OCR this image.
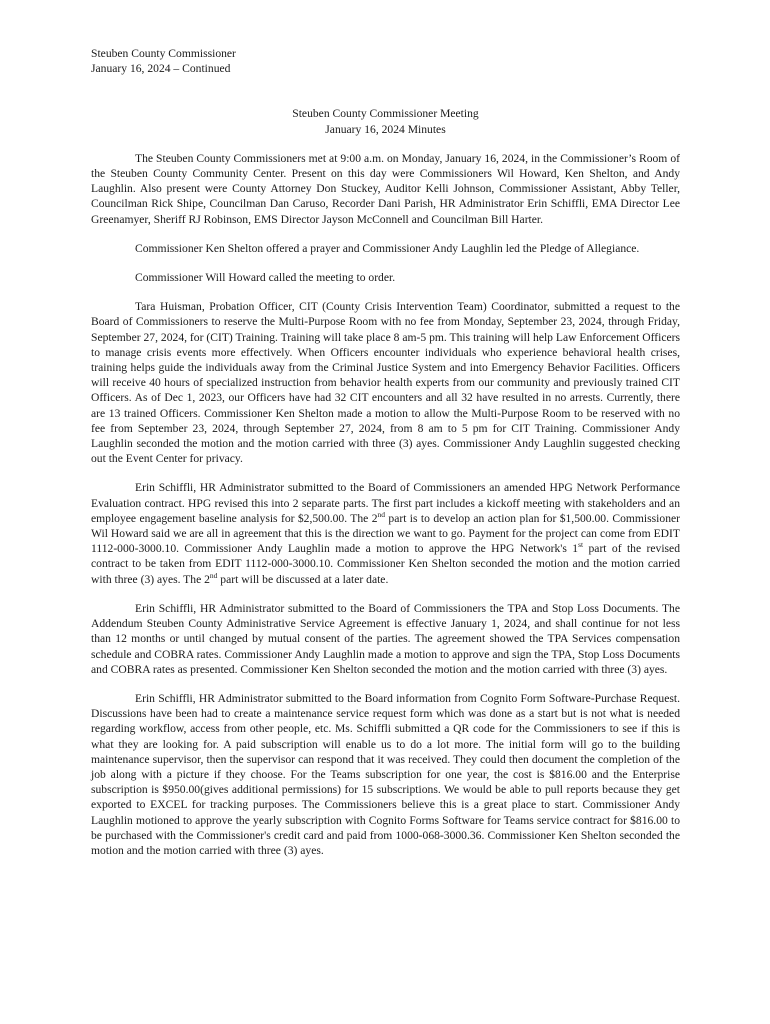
Steuben County Commissioner
January 16, 2024 – Continued
Steuben County Commissioner Meeting
January 16, 2024 Minutes

The Steuben County Commissioners met at 9:00 a.m. on Monday, January 16, 2024, in the Commissioner’s Room of the Steuben County Community Center. Present on this day were Commissioners Wil Howard, Ken Shelton, and Andy Laughlin. Also present were County Attorney Don Stuckey, Auditor Kelli Johnson, Commissioner Assistant, Abby Teller, Councilman Rick Shipe, Councilman Dan Caruso, Recorder Dani Parish, HR Administrator Erin Schiffli, EMA Director Lee Greenamyer, Sheriff RJ Robinson, EMS Director Jayson McConnell and Councilman Bill Harter.

Commissioner Ken Shelton offered a prayer and Commissioner Andy Laughlin led the Pledge of Allegiance.

Commissioner Will Howard called the meeting to order.

Tara Huisman, Probation Officer, CIT (County Crisis Intervention Team) Coordinator, submitted a request to the Board of Commissioners to reserve the Multi-Purpose Room with no fee from Monday, September 23, 2024, through Friday, September 27, 2024, for (CIT) Training. Training will take place 8 am-5 pm. This training will help Law Enforcement Officers to manage crisis events more effectively. When Officers encounter individuals who experience behavioral health crises, training helps guide the individuals away from the Criminal Justice System and into Emergency Behavior Facilities. Officers will receive 40 hours of specialized instruction from behavior health experts from our community and previously trained CIT Officers. As of Dec 1, 2023, our Officers have had 32 CIT encounters and all 32 have resulted in no arrests. Currently, there are 13 trained Officers. Commissioner Ken Shelton made a motion to allow the Multi-Purpose Room to be reserved with no fee from September 23, 2024, through September 27, 2024, from 8 am to 5 pm for CIT Training. Commissioner Andy Laughlin seconded the motion and the motion carried with three (3) ayes. Commissioner Andy Laughlin suggested checking out the Event Center for privacy.

Erin Schiffli, HR Administrator submitted to the Board of Commissioners an amended HPG Network Performance Evaluation contract. HPG revised this into 2 separate parts. The first part includes a kickoff meeting with stakeholders and an employee engagement baseline analysis for $2,500.00. The 2nd part is to develop an action plan for $1,500.00. Commissioner Wil Howard said we are all in agreement that this is the direction we want to go. Payment for the project can come from EDIT 1112-000-3000.10. Commissioner Andy Laughlin made a motion to approve the HPG Network's 1st part of the revised contract to be taken from EDIT 1112-000-3000.10. Commissioner Ken Shelton seconded the motion and the motion carried with three (3) ayes. The 2nd part will be discussed at a later date.

Erin Schiffli, HR Administrator submitted to the Board of Commissioners the TPA and Stop Loss Documents. The Addendum Steuben County Administrative Service Agreement is effective January 1, 2024, and shall continue for not less than 12 months or until changed by mutual consent of the parties. The agreement showed the TPA Services compensation schedule and COBRA rates. Commissioner Andy Laughlin made a motion to approve and sign the TPA, Stop Loss Documents and COBRA rates as presented. Commissioner Ken Shelton seconded the motion and the motion carried with three (3) ayes.

Erin Schiffli, HR Administrator submitted to the Board information from Cognito Form Software-Purchase Request. Discussions have been had to create a maintenance service request form which was done as a start but is not what is needed regarding workflow, access from other people, etc. Ms. Schiffli submitted a QR code for the Commissioners to see if this is what they are looking for. A paid subscription will enable us to do a lot more. The initial form will go to the building maintenance supervisor, then the supervisor can respond that it was received. They could then document the completion of the job along with a picture if they choose. For the Teams subscription for one year, the cost is $816.00 and the Enterprise subscription is $950.00(gives additional permissions) for 15 subscriptions. We would be able to pull reports because they get exported to EXCEL for tracking purposes. The Commissioners believe this is a great place to start. Commissioner Andy Laughlin motioned to approve the yearly subscription with Cognito Forms Software for Teams service contract for $816.00 to be purchased with the Commissioner's credit card and paid from 1000-068-3000.36. Commissioner Ken Shelton seconded the motion and the motion carried with three (3) ayes.
